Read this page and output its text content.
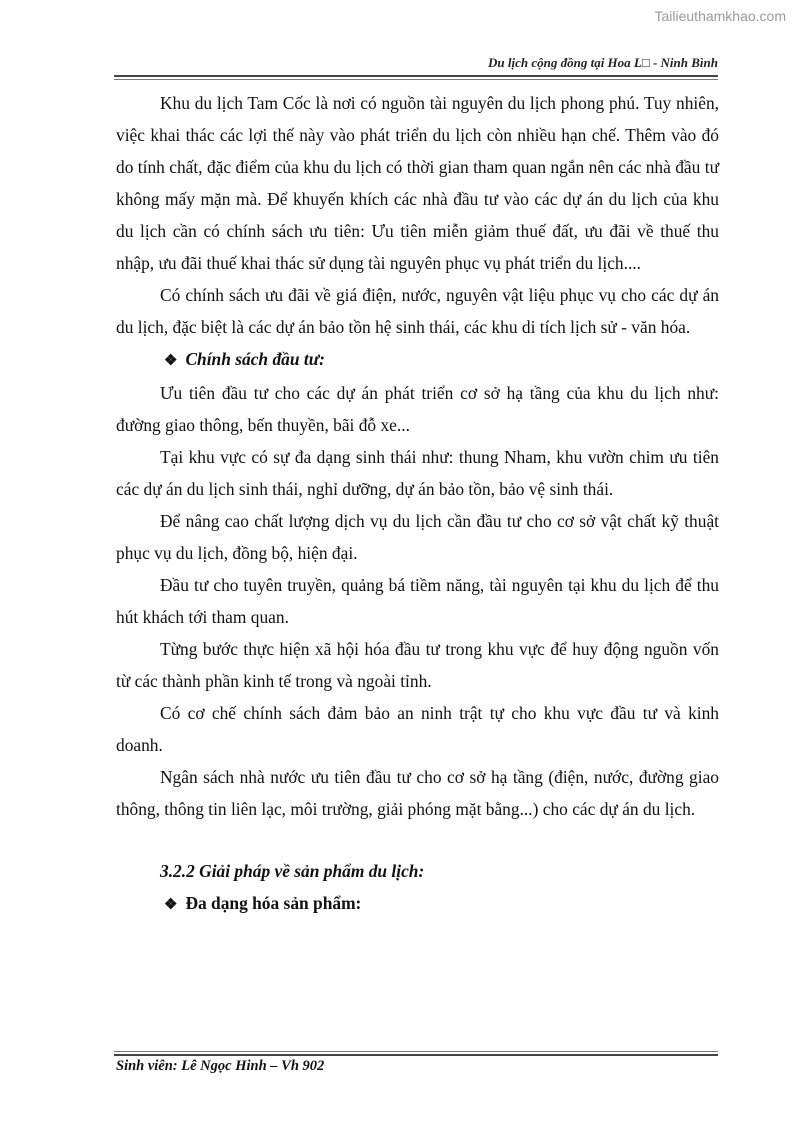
Tailieuthamkhao.com
Du lịch cộng đồng tại Hoa L□ - Ninh Bình

Khu du lịch Tam Cốc là nơi có nguồn tài nguyên du lịch phong phú. Tuy nhiên, việc khai thác các lợi thế này vào phát triển du lịch còn nhiều hạn chế. Thêm vào đó do tính chất, đặc điểm của khu du lịch có thời gian tham quan ngắn nên các nhà đầu tư không mấy mặn mà. Để khuyến khích các nhà đầu tư vào các dự án du lịch của khu du lịch cần có chính sách ưu tiên: Ưu tiên miễn giảm thuế đất, ưu đãi về thuế thu nhập, ưu đãi thuế khai thác sử dụng tài nguyên phục vụ phát triển du lịch....

Có chính sách ưu đãi về giá điện, nước, nguyên vật liệu phục vụ cho các dự án du lịch, đặc biệt là các dự án bảo tồn hệ sinh thái, các khu di tích lịch sử - văn hóa.

❖ Chính sách đầu tư:

Ưu tiên đầu tư cho các dự án phát triển cơ sở hạ tầng của khu du lịch như: đường giao thông, bến thuyền, bãi đỗ xe...

Tại khu vực có sự đa dạng sinh thái như: thung Nham, khu vườn chim ưu tiên các dự án du lịch sinh thái, nghỉ dưỡng, dự án bảo tồn, bảo vệ sinh thái.

Để nâng cao chất lượng dịch vụ du lịch cần đầu tư cho cơ sở vật chất kỹ thuật phục vụ du lịch, đồng bộ, hiện đại.

Đầu tư cho tuyên truyền, quảng bá tiềm năng, tài nguyên tại khu du lịch để thu hút khách tới tham quan.

Từng bước thực hiện xã hội hóa đầu tư trong khu vực để huy động nguồn vốn từ các thành phần kinh tế trong và ngoài tỉnh.

Có cơ chế chính sách đảm bảo an ninh trật tự cho khu vực đầu tư và kinh doanh.

Ngân sách nhà nước ưu tiên đầu tư cho cơ sở hạ tầng (điện, nước, đường giao thông, thông tin liên lạc, môi trường, giải phóng mặt bằng...) cho các dự án du lịch.

3.2.2 Giải pháp về sản phẩm du lịch:

❖ Đa dạng hóa sản phẩm:

Sinh viên: Lê Ngọc Hinh – Vh 902
